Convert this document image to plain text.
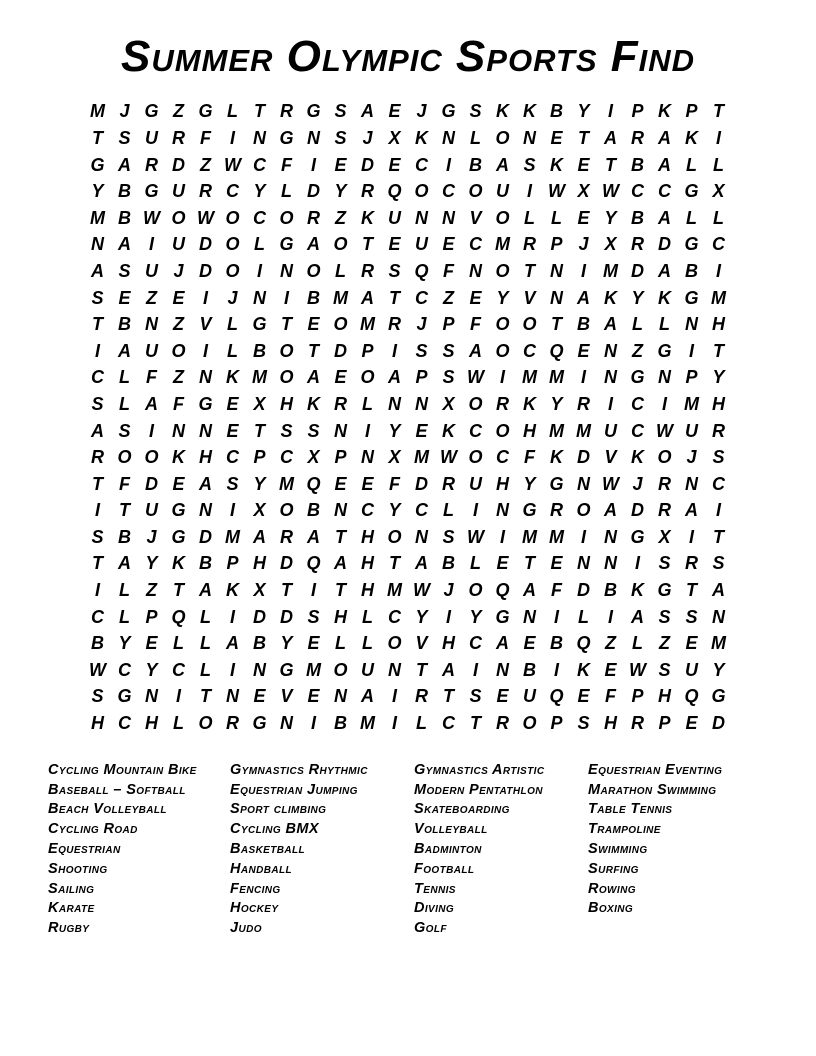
Summer Olympic Sports Find
M J G Z G L T R G S A E J G S K K B Y	I	P K P T
T S U R F	I	N G N S J X K N L O N E T A R A K I
G A R D Z W C F	I	E D E C I	B A S K E T B A L L
Y B G U R C Y L D Y R Q O C O U I W X W C C G X
M B W O W O C O R Z K U N N V O L L E Y B A L L
N A I	U D O L G A O T E U E C M R P J X R D G C
A S U J D O I	N O L R S Q F N O T N I M D A B I
S E Z E	I	J N I	B M A T C Z E Y V N A K Y K G M
T B N Z V L G T E O M R J P F O O T B A L L N H
I	A U O I	L B O T D P	I	S S A O C Q E N Z G I	T
C L F Z N K M O A E O A P S W I M M I	N G N P Y
S L A F G E X H K R L N N X O R K Y R I	C I M H
A S	I	N N E T S S N I	Y E K C O H M M U C W U R
R O O K H C P C X P N X M W O C F K D V K O J S
T F D E A S Y M Q E E F D R U H Y G N W J R N C
I	T U G N I	X O B N C Y C L	I	N G R O A D R A I
S B J G D M A R A T H O N S W I M M I	N G X	I	T
T A Y K B P H D Q A H T A B L E T E N N I	S R S
I	L Z T A K X T	I	T H M W J O Q A F D B K G T A
C L P Q L	I	D D S H L C Y	I	Y G N I	L	I	A S S N
B Y E L L A B Y E L L O V H C A E B Q Z L Z E M
W C Y C L	I	N G M O U N T A I	N B I	K E W S U Y
S G N I	T N E V E N A I	R T S E U Q E F P H Q G
H C H L O R G N I	B M I	L C T R O P S H R P E D
Cycling Mountain Bike
Baseball – Softball
Beach Volleyball
Cycling Road
Equestrian
Shooting
Sailing
Karate
Rugby
Gymnastics Rhythmic
Equestrian Jumping
Sport climbing
Cycling BMX
Basketball
Handball
Fencing
Hockey
Judo
Gymnastics Artistic
Modern Pentathlon
Skateboarding
Volleyball
Badminton
Football
Tennis
Diving
Golf
Equestrian Eventing
Marathon Swimming
Table Tennis
Trampoline
Swimming
Surfing
Rowing
Boxing
